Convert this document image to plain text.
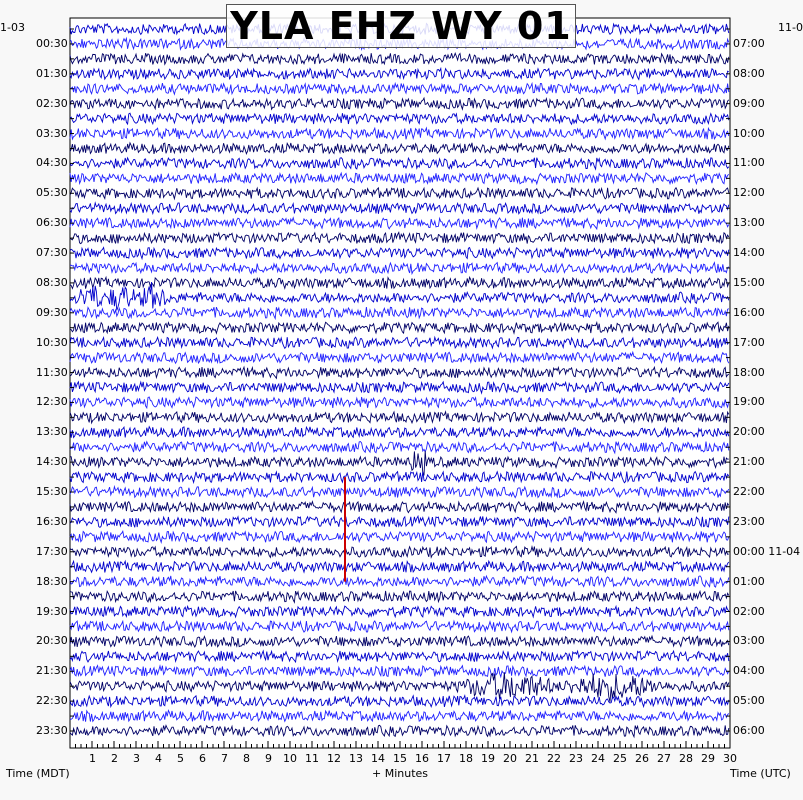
YLA EHZ WY 01
1-03	11-0
00:30
01:30
02:30
03:30
04:30
05:30
06:30
07:30
08:30
09:30
10:30
11:30
12:30
13:30
14:30
15:30
16:30
17:30
18:30
19:30
20:30
21:30
22:30
23:30
07:00
08:00
09:00
10:00
11:00
12:00
13:00
14:00
15:00
16:00
17:00
18:00
19:00
20:00
21:00
22:00
23:00
00:00 11-04
01:00
02:00
03:00
04:00
05:00
06:00
1 2 3 4 5 6 7 8 9 10 11 12 13 14 15 16 17 18 19 20 21 22 23 24 25 26 27 28 29 30
Time (MDT)	+ Minutes	Time (UTC)
